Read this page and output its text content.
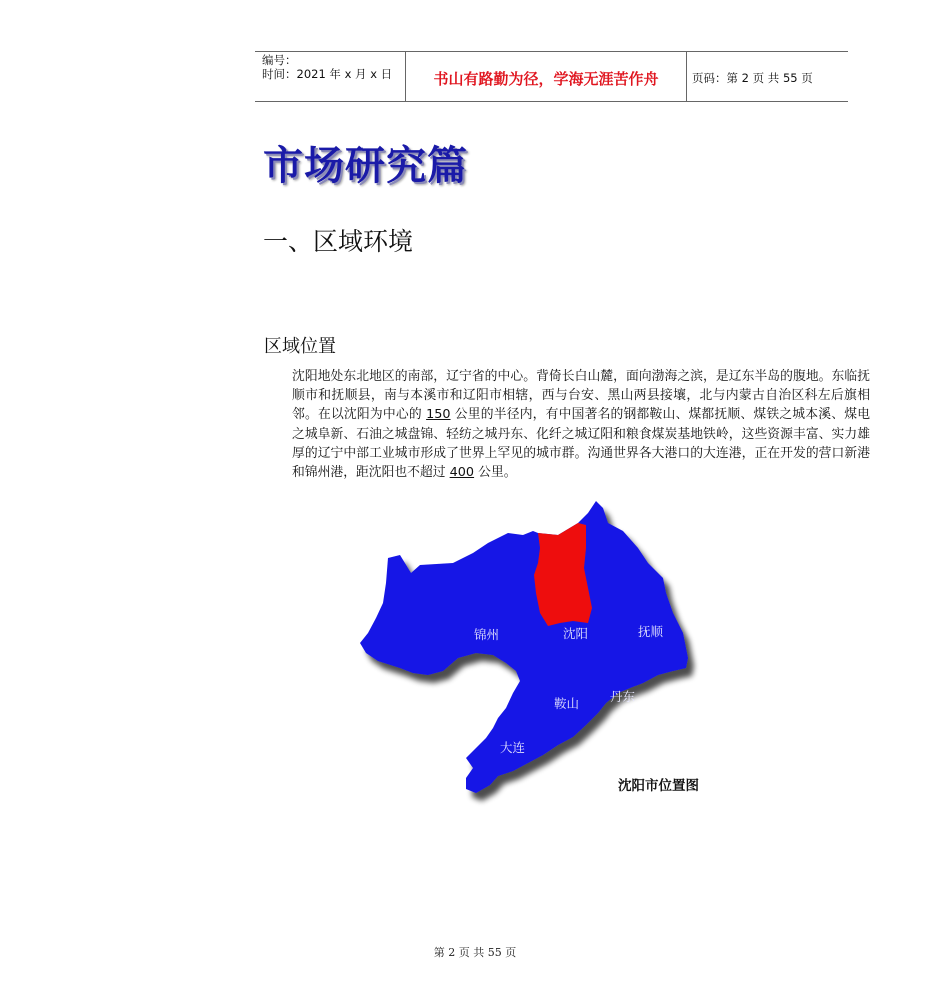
编号：
时间：2021 年 x 月 x 日	书山有路勤为径，学海无涯苦作舟	页码：第 2 页 共 55 页
市场研究篇
一、区域环境
区域位置

沈阳地处东北地区的南部，辽宁省的中心。背倚长白山麓，面向渤海之滨，是辽东半岛的腹地。东临抚顺市和抚顺县，南与本溪市和辽阳市相辖，西与台安、黑山两县接壤，北与内蒙古自治区科左后旗相邻。在以沈阳为中心的 150 公里的半径内，有中国著名的钢都鞍山、煤都抚顺、煤铁之城本溪、煤电之城阜新、石油之城盘锦、轻纺之城丹东、化纤之城辽阳和粮食煤炭基地铁岭，这些资源丰富、实力雄厚的辽宁中部工业城市形成了世界上罕见的城市群。沟通世界各大港口的大连港，正在开发的营口新港和锦州港，距沈阳也不超过 400 公里。

锦州	沈阳	抚顺
鞍山 丹东
大连
沈阳市位置图
第 2 页 共 55 页
